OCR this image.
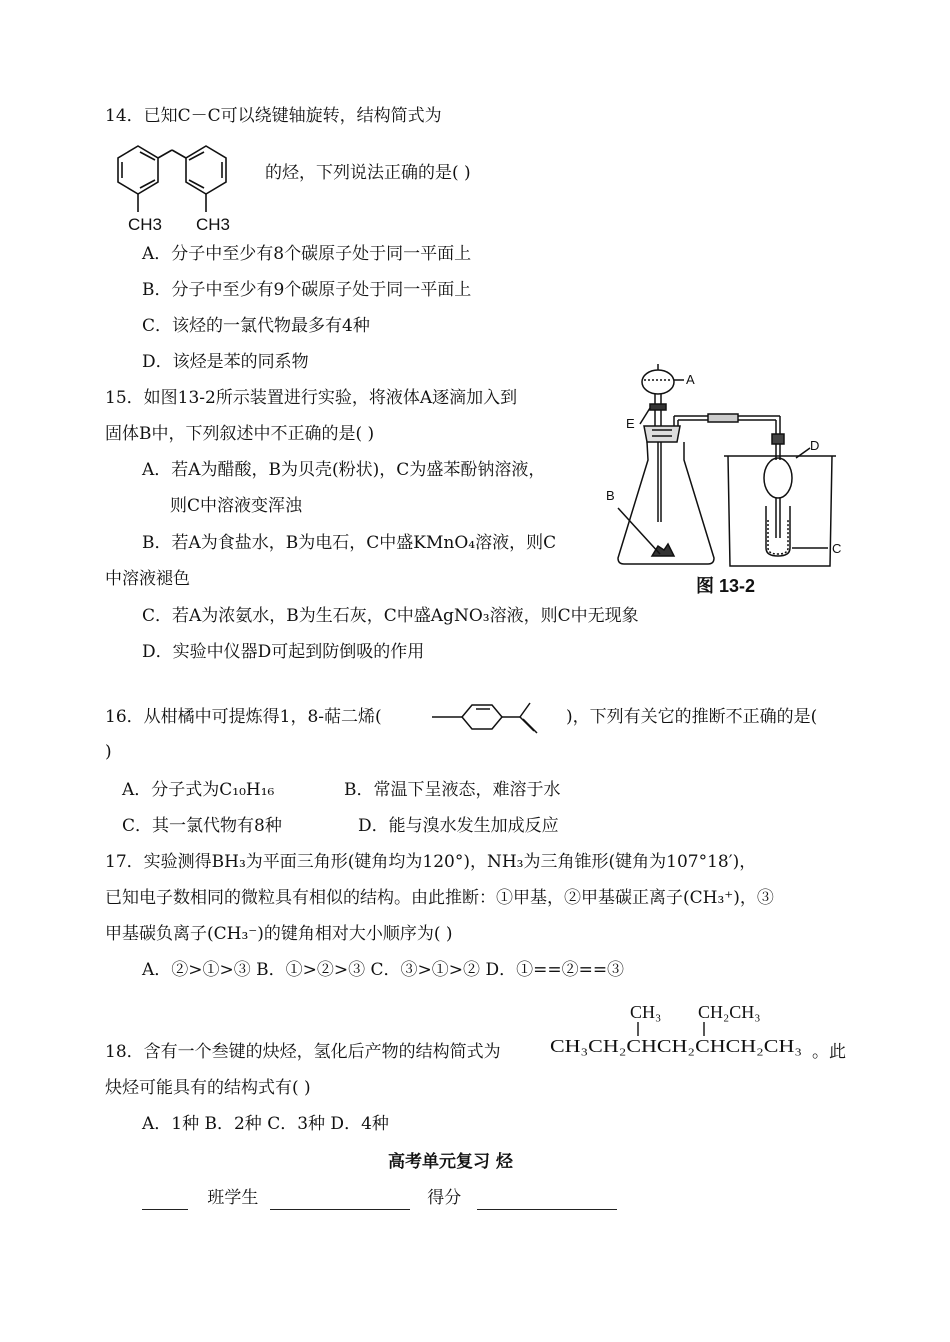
14．已知C－C可以绕键轴旋转，结构简式为
CH3 CH3
的烃，下列说法正确的是( )
A．分子中至少有8个碳原子处于同一平面上
B．分子中至少有9个碳原子处于同一平面上
C．该烃的一氯代物最多有4种
D．该烃是苯的同系物
15．如图13-2所示装置进行实验，将液体A逐滴加入到
固体B中，下列叙述中不正确的是( )
A．若A为醋酸，B为贝壳(粉状)，C为盛苯酚钠溶液，
则C中溶液变浑浊
B．若A为食盐水，B为电石，C中盛KMnO₄溶液，则C
中溶液褪色
C．若A为浓氨水，B为生石灰，C中盛AgNO₃溶液，则C中无现象
D．实验中仪器D可起到防倒吸的作用
A
E
B
D
C
图 13-2
16．从柑橘中可提炼得1，8-萜二烯(	)，下列有关它的推断不正确的是(
)
A．分子式为C₁₀H₁₆	B．常温下呈液态，难溶于水
C．其一氯代物有8种	D．能与溴水发生加成反应
17．实验测得BH₃为平面三角形(键角均为120°)，NH₃为三角锥形(键角为107°18′)，
已知电子数相同的微粒具有相似的结构。由此推断：①甲基，②甲基碳正离子(CH₃⁺)，③
甲基碳负离子(CH₃⁻)的键角相对大小顺序为( )
A．②>①>③ B．①>②>③ C．③>①>② D．①==②==③
CH₃ CH₂CH₃
CH₃CH₂CHCH₂CHCH₂CH₃
18．含有一个叁键的炔烃，氢化后产物的结构简式为	。此
炔烃可能具有的结构式有( )
A．1种 B．2种 C．3种 D．4种
高考单元复习 烃
班学生	得分
